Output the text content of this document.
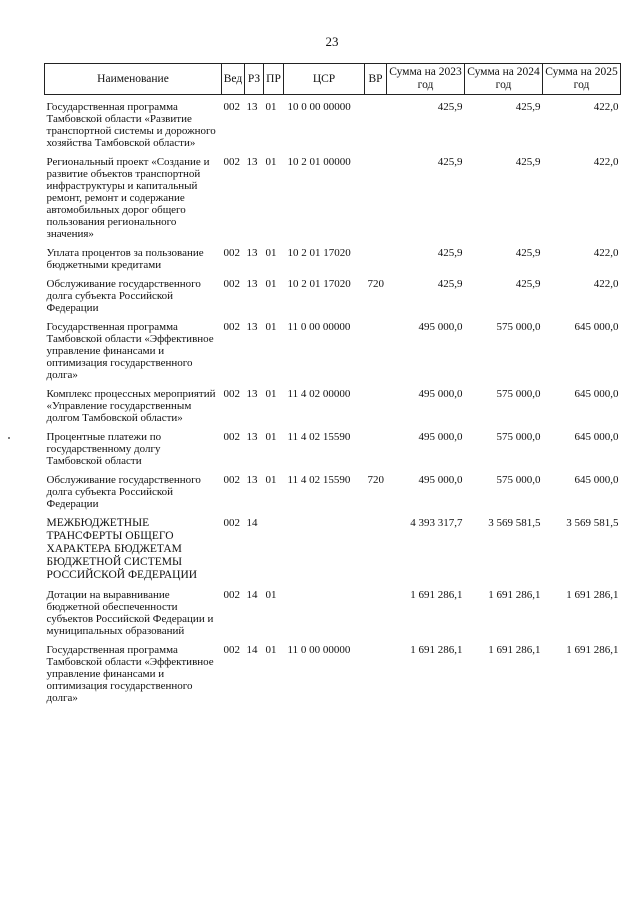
23
Наименование	Вед	РЗ	ПР	ЦСР	ВР	Сумма на 2023 год	Сумма на 2024 год	Сумма на 2025 год
Государственная программа Тамбовской области «Развитие транспортной системы и дорожного хозяйства Тамбовской области»	002	13	01	10 0 00 00000		425,9	425,9	422,0
Региональный проект «Создание и развитие объектов транспортной инфраструктуры и капитальный ремонт, ремонт и содержание автомобильных дорог общего пользования регионального значения»	002	13	01	10 2 01 00000		425,9	425,9	422,0
Уплата процентов за пользование бюджетными кредитами	002	13	01	10 2 01 17020		425,9	425,9	422,0
Обслуживание государственного долга субъекта Российской Федерации	002	13	01	10 2 01 17020	720	425,9	425,9	422,0
Государственная программа Тамбовской области «Эффективное управление финансами и оптимизация государственного долга»	002	13	01	11 0 00 00000		495 000,0	575 000,0	645 000,0
Комплекс процессных мероприятий «Управление государственным долгом Тамбовской области»	002	13	01	11 4 02 00000		495 000,0	575 000,0	645 000,0
Процентные платежи по государственному долгу Тамбовской области	002	13	01	11 4 02 15590		495 000,0	575 000,0	645 000,0
Обслуживание государственного долга субъекта Российской Федерации	002	13	01	11 4 02 15590	720	495 000,0	575 000,0	645 000,0
МЕЖБЮДЖЕТНЫЕ ТРАНСФЕРТЫ ОБЩЕГО ХАРАКТЕРА БЮДЖЕТАМ БЮДЖЕТНОЙ СИСТЕМЫ РОССИЙСКОЙ ФЕДЕРАЦИИ	002	14				4 393 317,7	3 569 581,5	3 569 581,5
Дотации на выравнивание бюджетной обеспеченности субъектов Российской Федерации и муниципальных образований	002	14	01			1 691 286,1	1 691 286,1	1 691 286,1
Государственная программа Тамбовской области «Эффективное управление финансами и оптимизация государственного долга»	002	14	01	11 0 00 00000		1 691 286,1	1 691 286,1	1 691 286,1
